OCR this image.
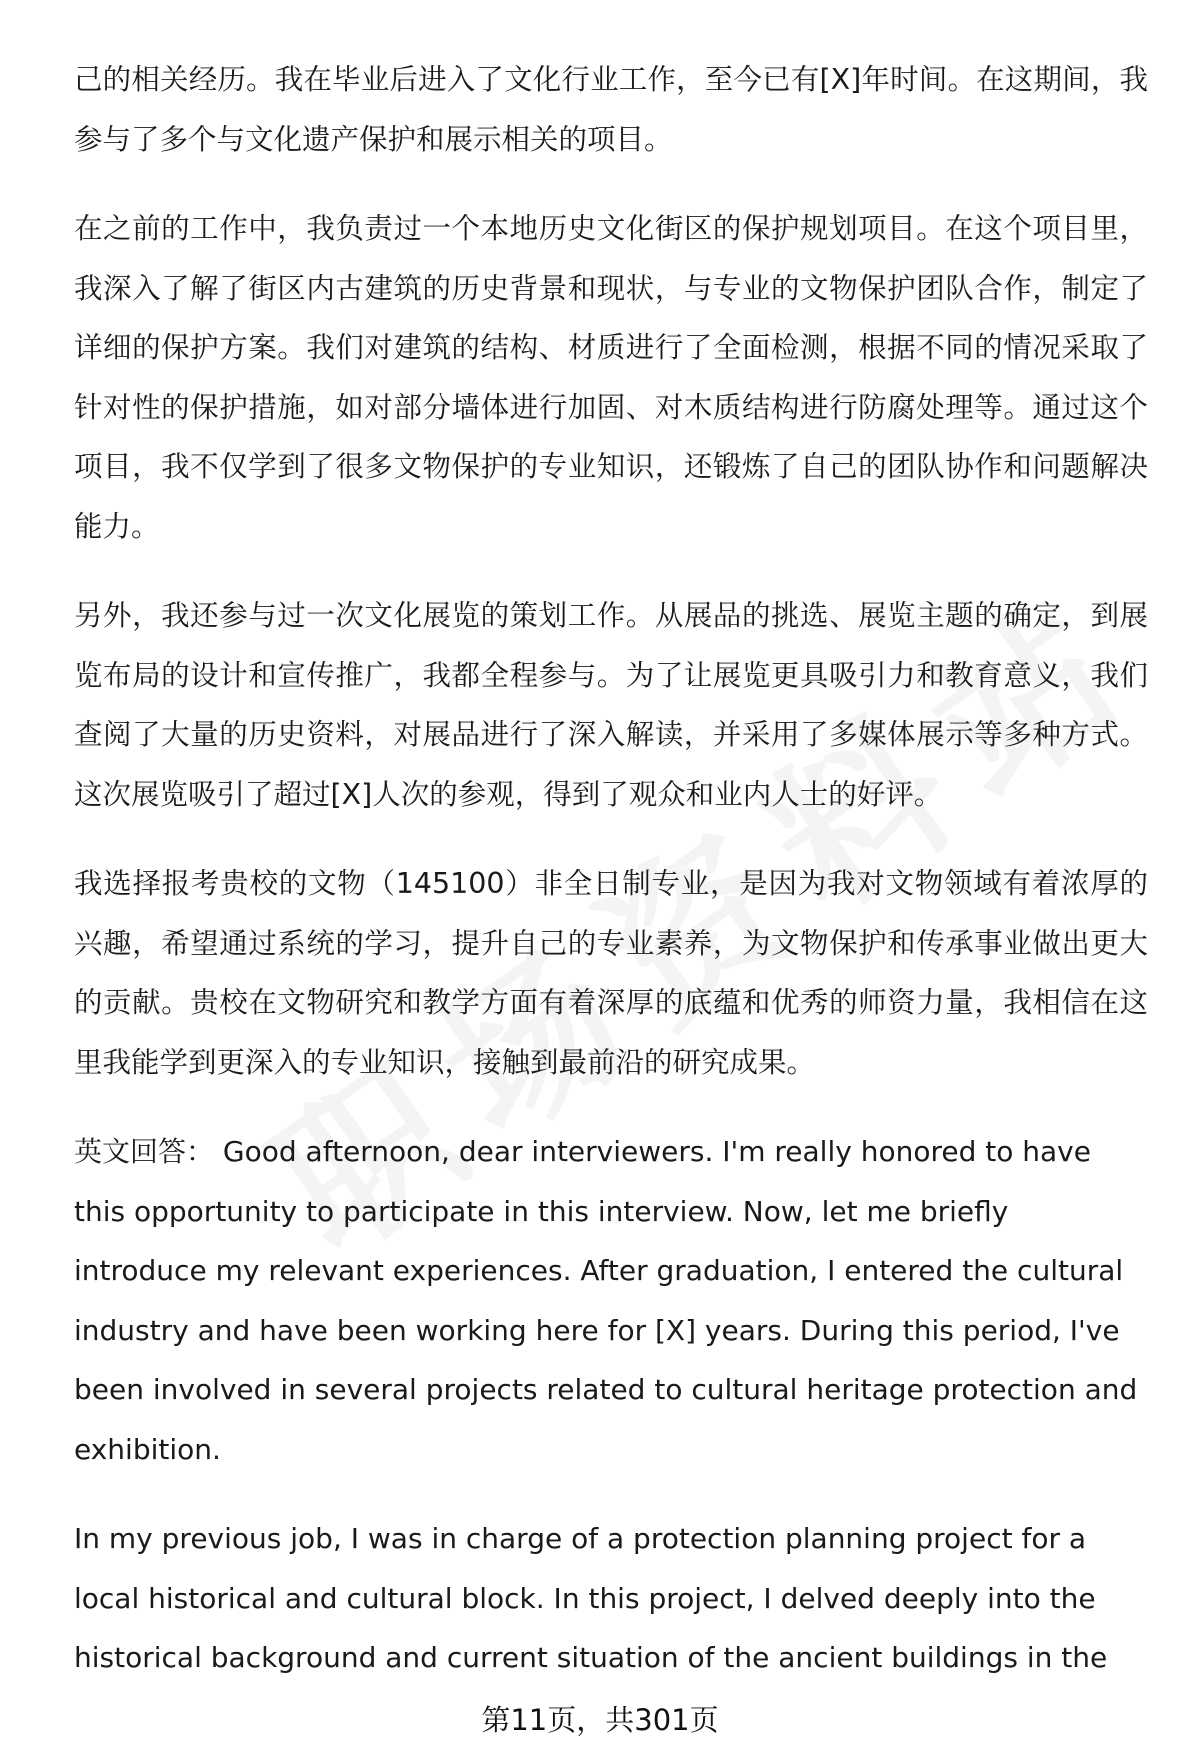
己的相关经历。我在毕业后进入了文化行业工作，至今已有[X]年时间。在这期间，我参与了多个与文化遗产保护和展示相关的项目。

在之前的工作中，我负责过一个本地历史文化街区的保护规划项目。在这个项目里，我深入了解了街区内古建筑的历史背景和现状，与专业的文物保护团队合作，制定了详细的保护方案。我们对建筑的结构、材质进行了全面检测，根据不同的情况采取了针对性的保护措施，如对部分墙体进行加固、对木质结构进行防腐处理等。通过这个项目，我不仅学到了很多文物保护的专业知识，还锻炼了自己的团队协作和问题解决能力。

另外，我还参与过一次文化展览的策划工作。从展品的挑选、展览主题的确定，到展览布局的设计和宣传推广，我都全程参与。为了让展览更具吸引力和教育意义，我们查阅了大量的历史资料，对展品进行了深入解读，并采用了多媒体展示等多种方式。这次展览吸引了超过[X]人次的参观，得到了观众和业内人士的好评。

我选择报考贵校的文物（145100）非全日制专业，是因为我对文物领域有着浓厚的兴趣，希望通过系统的学习，提升自己的专业素养，为文物保护和传承事业做出更大的贡献。贵校在文物研究和教学方面有着深厚的底蕴和优秀的师资力量，我相信在这里我能学到更深入的专业知识，接触到最前沿的研究成果。

英文回答： Good afternoon, dear interviewers. I'm really honored to have this opportunity to participate in this interview. Now, let me briefly introduce my relevant experiences. After graduation, I entered the cultural industry and have been working here for [X] years. During this period, I've been involved in several projects related to cultural heritage protection and exhibition.

In my previous job, I was in charge of a protection planning project for a local historical and cultural block. In this project, I delved deeply into the historical background and current situation of the ancient buildings in the

第11页，共301页
